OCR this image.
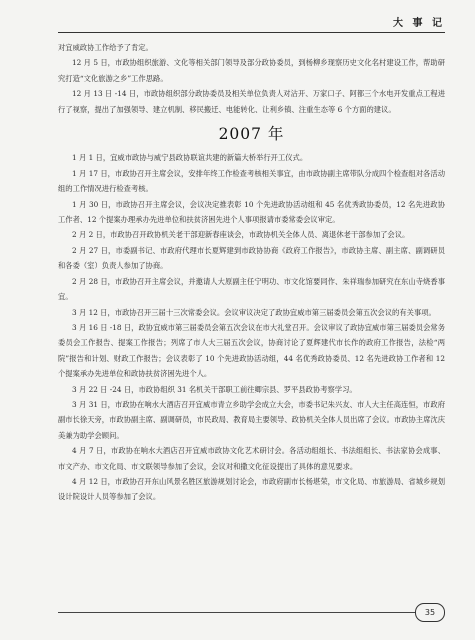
大 事 记

对宜威政协工作给予了肯定。

12 月 5 日，市政协组织旅游、文化等相关部门领导及部分政协委员，到杨柳乡现察历史文化名村建设工作，帮助研究打造“文化旅游之乡”工作思路。

12 月 13 日 -14 日，市政协组织部分政协委员及相关单位负责人对沾开、万家口子、阿都三个水电开发重点工程进行了视察，提出了加强领导、建立机制、移民搬迁、电能转化、让利乡镇、注重生态等 6 个方面的建议。

2007 年

1 月 1 日，宜威市政协与威宁县政协联谊共建的新篇大桥举行开工仪式。

1 月 17 日，市政协召开主席会议，安排年终工作检查考核相关事宜，由市政协副主席带队分成四个检查组对各活动组的工作情况进行检查考核。

1 月 30 日，市政协召开主席会议，会议决定推表彰 10 个先进政协活动组和 45 名优秀政协委员，12 名先进政协工作者、12 个提案办理承办先进单位和扶贫济困先进个人事项报请市委常委会议审定。

2 月 2 日，市政协召开政协机关老干部迎新春座谈会，市政协机关全体人员、离退休老干部参加了会议。

2 月 27 日，市委副书记、市政府代理市长夏辉建到市政协协商《政府工作报告》，市政协主席、副主席、副调研员和各委（室）负责人参加了协商。

2 月 28 日，市政协召开主席会议，并邀请人大原副主任宁明功、市文化馆要同作、朱祥瑞参加研究在东山寺烧香事宜。

3 月 12 日，市政协召开三届十三次常委会议。会议审议决定了政协宜威市第三届委员会第五次会议的有关事项。

3 月 16 日 -18 日，政协宜威市第三届委员会第五次会议在市大礼堂召开。会议审议了政协宜威市第三届委员会常务委员会工作报告、提案工作报告；列席了市人大三届五次会议，协商讨论了夏辉建代市长作的政府工作报告，法检“两院”报告和计划、财政工作报告；会议表彰了 10 个先进政协活动组，44 名优秀政协委员、12 名先进政协工作者和 12 个提案承办先进单位和政协扶贫济困先进个人。

3 月 22 日 -24 日，市政协组织 31 名机关干部职工前往卿宗县、罗平县政协考察学习。

3 月 31 日，市政协在响水大酒店召开宜威市青立乡助学会成立大会，市委书记朱兴友、市人大主任高连恒，市政府副市长徐天旁，市政协副主席、副调研员，市民政局、教育局主要领导、政协机关全体人员出席了会议。市政协主席沈庆美兼为助学会顾问。

4 月 7 日，市政协在响水大酒店召开宜威市政协文化艺术研讨会。各活动组组长、书法组组长、书法家协会成事、市文产办、市文化局、市文联领导参加了会议，会议对和撒文化征设提出了具体的意见要求。

4 月 12 日，市政协召开东山风景名胜区旅游规划讨论会，市政府副市长杨堪荣，市文化局、市旅游局、省城乡规划设计院设计人员等参加了会议。

35
